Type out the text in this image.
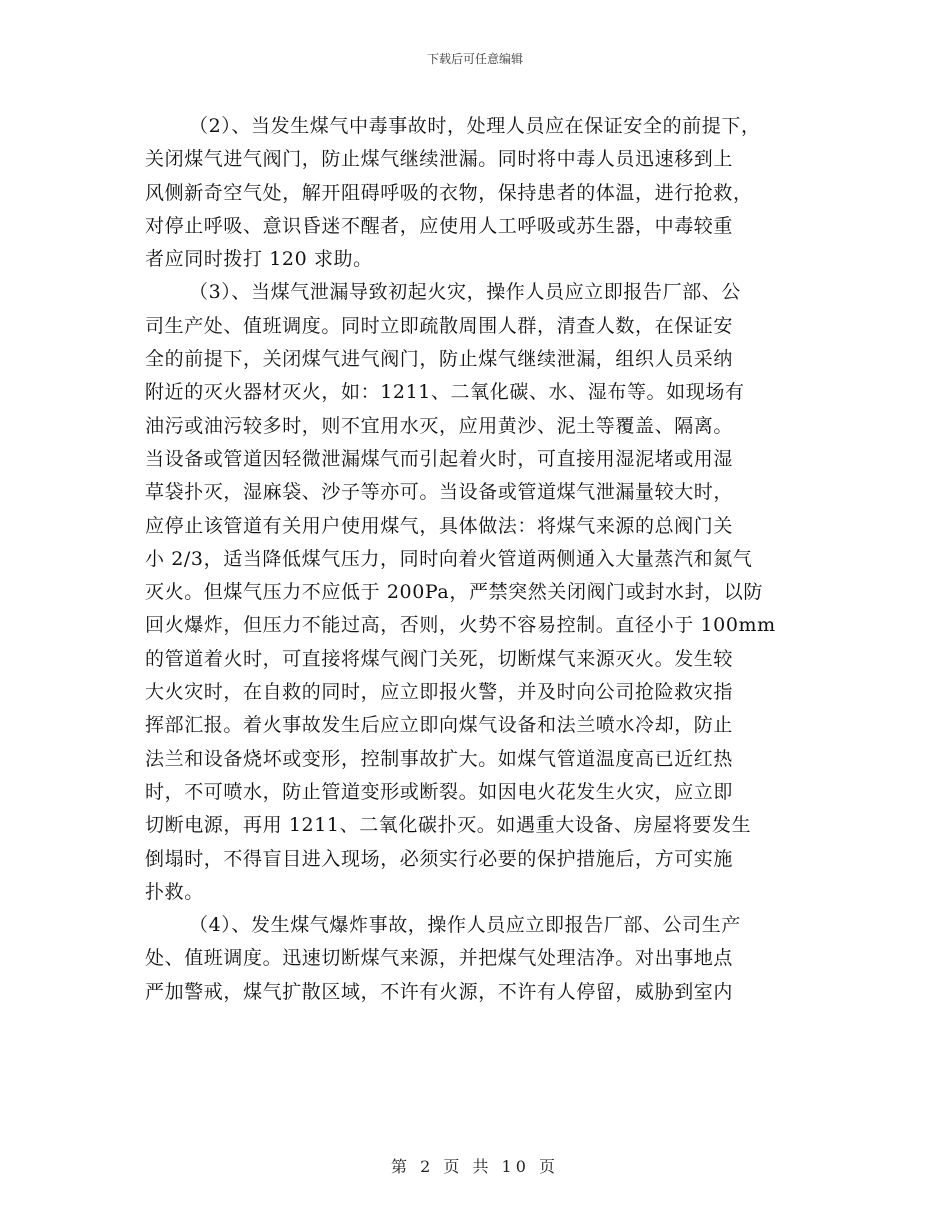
下载后可任意编辑
（2）、当发生煤气中毒事故时，处理人员应在保证安全的前提下，
关闭煤气进气阀门，防止煤气继续泄漏。同时将中毒人员迅速移到上
风侧新奇空气处，解开阻碍呼吸的衣物，保持患者的体温，进行抢救，
对停止呼吸、意识昏迷不醒者，应使用人工呼吸或苏生器，中毒较重
者应同时拨打 120 求助。
（3）、当煤气泄漏导致初起火灾，操作人员应立即报告厂部、公
司生产处、值班调度。同时立即疏散周围人群，清查人数，在保证安
全的前提下，关闭煤气进气阀门，防止煤气继续泄漏，组织人员采纳
附近的灭火器材灭火，如：1211、二氧化碳、水、湿布等。如现场有
油污或油污较多时，则不宜用水灭，应用黄沙、泥土等覆盖、隔离。
当设备或管道因轻微泄漏煤气而引起着火时，可直接用湿泥堵或用湿
草袋扑灭，湿麻袋、沙子等亦可。当设备或管道煤气泄漏量较大时，
应停止该管道有关用户使用煤气，具体做法：将煤气来源的总阀门关
小 2/3，适当降低煤气压力，同时向着火管道两侧通入大量蒸汽和氮气
灭火。但煤气压力不应低于 200Pa，严禁突然关闭阀门或封水封，以防
回火爆炸，但压力不能过高，否则，火势不容易控制。直径小于 100mm
的管道着火时，可直接将煤气阀门关死，切断煤气来源灭火。发生较
大火灾时，在自救的同时，应立即报火警，并及时向公司抢险救灾指
挥部汇报。着火事故发生后应立即向煤气设备和法兰喷水冷却，防止
法兰和设备烧坏或变形，控制事故扩大。如煤气管道温度高已近红热
时，不可喷水，防止管道变形或断裂。如因电火花发生火灾，应立即
切断电源，再用 1211、二氧化碳扑灭。如遇重大设备、房屋将要发生
倒塌时，不得盲目进入现场，必须实行必要的保护措施后，方可实施
扑救。
（4）、发生煤气爆炸事故，操作人员应立即报告厂部、公司生产
处、值班调度。迅速切断煤气来源，并把煤气处理洁净。对出事地点
严加警戒，煤气扩散区域，不许有火源，不许有人停留，威胁到室内
第 2 页 共 10 页
